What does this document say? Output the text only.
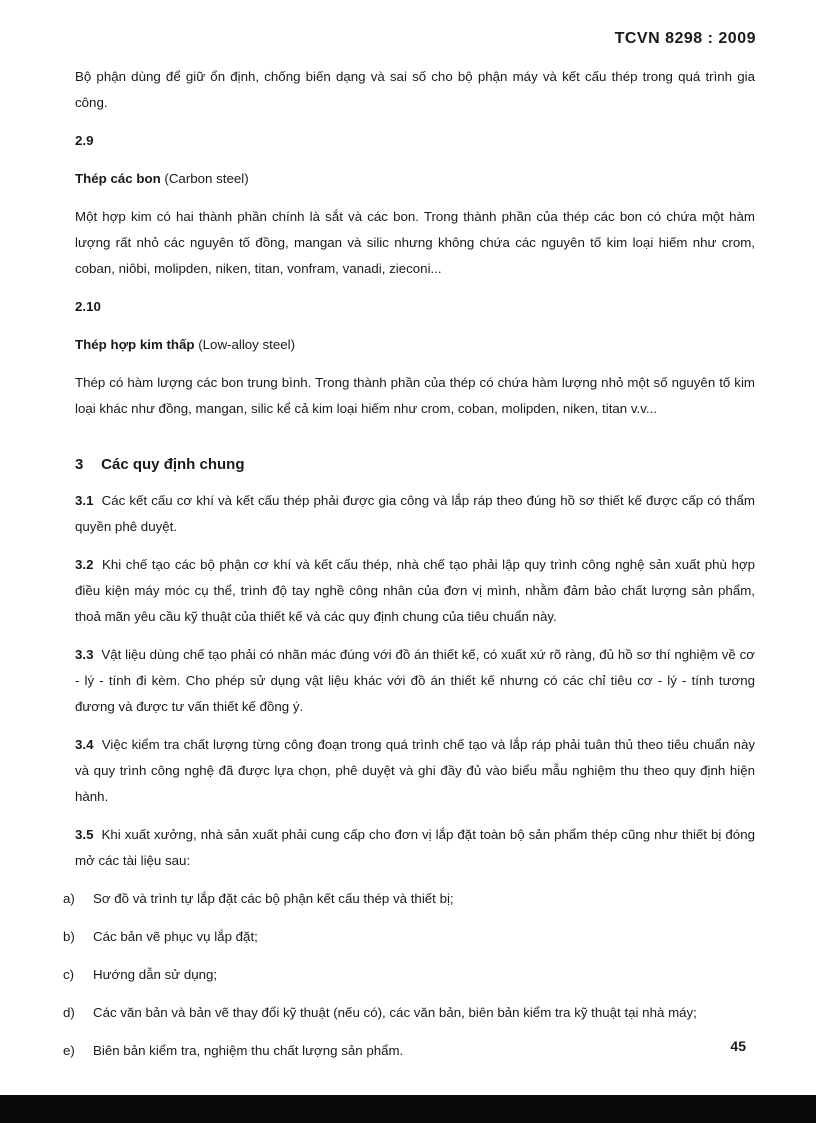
TCVN 8298 : 2009

Bộ phận dùng để giữ ổn định, chống biến dạng và sai số cho bộ phận máy và kết cấu thép trong quá trình gia công.

2.9

Thép các bon (Carbon steel)

Một hợp kim có hai thành phần chính là sắt và các bon. Trong thành phần của thép các bon có chứa một hàm lượng rất nhỏ các nguyên tố đồng, mangan và silic nhưng không chứa các nguyên tố kim loại hiếm như crom, coban, niôbi, molipden, niken, titan, vonfram, vanadi, zieconi...

2.10

Thép hợp kim thấp (Low-alloy steel)

Thép có hàm lượng các bon trung bình. Trong thành phần của thép có chứa hàm lượng nhỏ một số nguyên tố kim loại khác như đồng, mangan, silic kể cả kim loại hiếm như crom, coban, molipden, niken, titan v.v...

3 Các quy định chung

3.1 Các kết cấu cơ khí và kết cấu thép phải được gia công và lắp ráp theo đúng hồ sơ thiết kế được cấp có thẩm quyền phê duyệt.

3.2 Khi chế tạo các bộ phận cơ khí và kết cấu thép, nhà chế tạo phải lập quy trình công nghệ sản xuất phù hợp điều kiện máy móc cụ thể, trình độ tay nghề công nhân của đơn vị mình, nhằm đảm bảo chất lượng sản phẩm, thoả mãn yêu cầu kỹ thuật của thiết kế và các quy định chung của tiêu chuẩn này.

3.3 Vật liệu dùng chế tạo phải có nhãn mác đúng với đồ án thiết kế, có xuất xứ rõ ràng, đủ hồ sơ thí nghiệm về cơ - lý - tính đi kèm. Cho phép sử dụng vật liệu khác với đồ án thiết kế nhưng có các chỉ tiêu cơ - lý - tính tương đương và được tư vấn thiết kế đồng ý.

3.4 Việc kiểm tra chất lượng từng công đoạn trong quá trình chế tạo và lắp ráp phải tuân thủ theo tiêu chuẩn này và quy trình công nghệ đã được lựa chọn, phê duyệt và ghi đầy đủ vào biểu mẫu nghiệm thu theo quy định hiện hành.

3.5 Khi xuất xưởng, nhà sản xuất phải cung cấp cho đơn vị lắp đặt toàn bộ sản phẩm thép cũng như thiết bị đóng mở các tài liệu sau:

a)	Sơ đồ và trình tự lắp đặt các bộ phận kết cấu thép và thiết bị;
b)	Các bản vẽ phục vụ lắp đặt;
c)	Hướng dẫn sử dụng;
d)	Các văn bản và bản vẽ thay đổi kỹ thuật (nếu có), các văn bản, biên bản kiểm tra kỹ thuật tại nhà máy;
e)	Biên bản kiểm tra, nghiệm thu chất lượng sản phẩm.	45
